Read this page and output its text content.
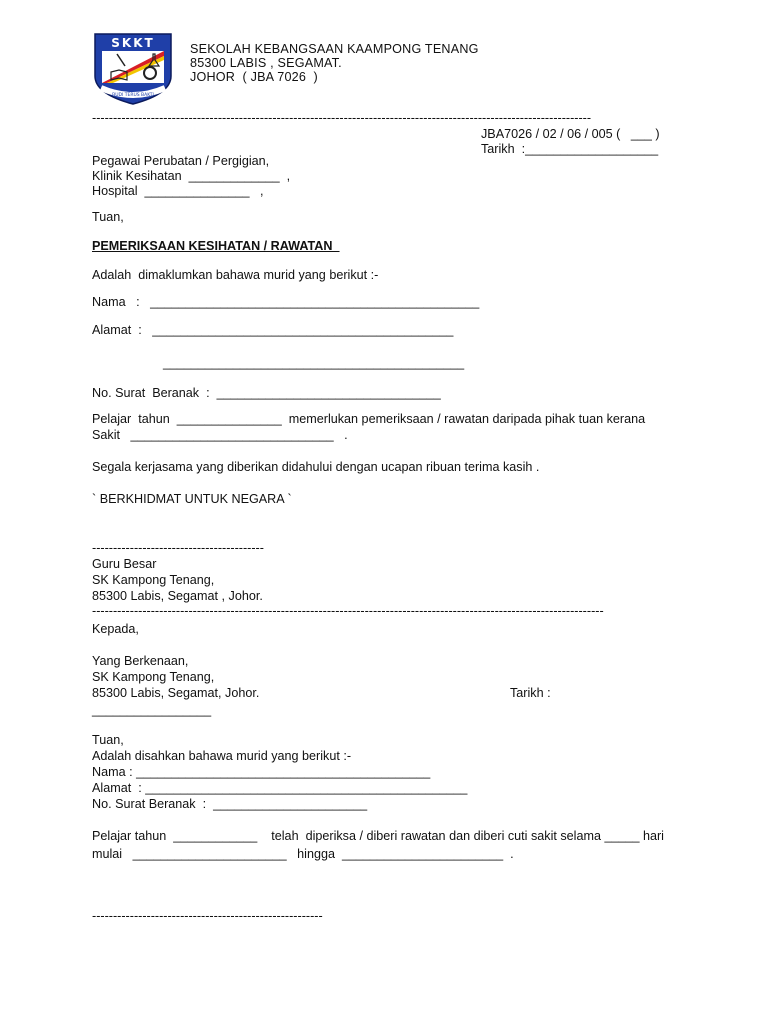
SKKT
BUDI TERUS BAKTI
SEKOLAH KEBANGSAAN KAAMPONG TENANG
85300 LABIS , SEGAMAT.
JOHOR  ( JBA 7026  )
-----------------------------------------------------------------------------------------------------------------------
JBA7026 / 02 / 06 / 005 (   ___ )
Tarikh  :___________________
Pegawai Perubatan / Pergigian,
Klinik Kesihatan  _____________  ,
Hospital  _______________   ,
Tuan,
PEMERIKSAAN KESIHATAN / RAWATAN_
Adalah  dimaklumkan bahawa murid yang berikut :-
Nama   :   _______________________________________________
Alamat  :   ___________________________________________
___________________________________________
No. Surat  Beranak  :  ________________________________
Pelajar  tahun  _______________  memerlukan pemeriksaan / rawatan daripada pihak tuan kerana
Sakit   _____________________________   .
Segala kerjasama yang diberikan didahului dengan ucapan ribuan terima kasih .
` BERKHIDMAT UNTUK NEGARA `
-----------------------------------------
Guru Besar
SK Kampong Tenang,
85300 Labis, Segamat , Johor.
--------------------------------------------------------------------------------------------------------------------------
Kepada,
Yang Berkenaan,
SK Kampong Tenang,
85300 Labis, Segamat, Johor.	Tarikh :
_________________
Tuan,
Adalah disahkan bahawa murid yang berikut :-
Nama : __________________________________________
Alamat  : ______________________________________________
No. Surat Beranak  :  ______________________
Pelajar tahun  ____________    telah  diperiksa / diberi rawatan dan diberi cuti sakit selama _____ hari
mulai   ______________________   hingga  _______________________  .
-------------------------------------------------------
